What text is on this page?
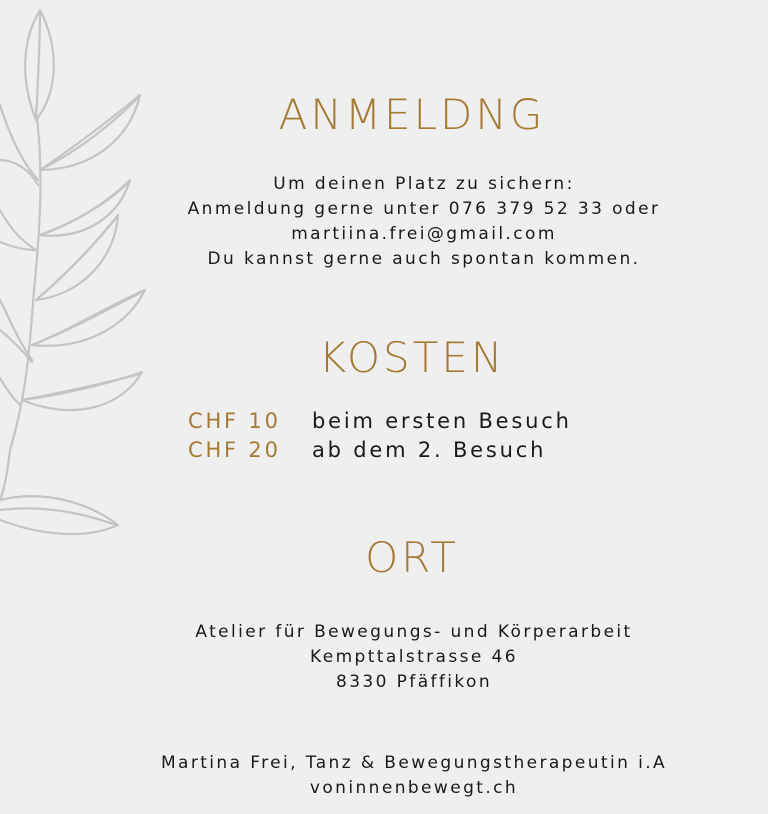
ANMELDNG
Um deinen Platz zu sichern:
Anmeldung gerne unter 076 379 52 33 oder
martiina.frei@gmail.com
Du kannst gerne auch spontan kommen.
KOSTEN
CHF 10 beim ersten Besuch
CHF 20 ab dem 2. Besuch
ORT
Atelier für Bewegungs- und Körperarbeit
Kempttalstrasse 46
8330 Pfäffikon
Martina Frei, Tanz & Bewegungstherapeutin i.A
voninnenbewegt.ch
